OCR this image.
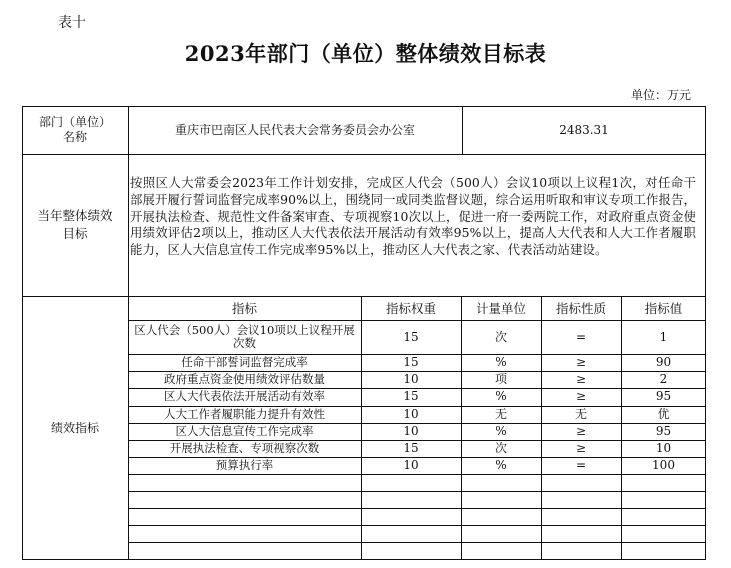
表十
2023年部门（单位）整体绩效目标表
单位：万元
部门（单位）
名称
重庆市巴南区人民代表大会常务委员会办公室	2483.31
当年整体绩效
目标
按照区人大常委会2023年工作计划安排，完成区人代会（500人）会议10项以上议程1次，对任命干部展开履行誓词监督完成率90%以上，围绕同一或同类监督议题，综合运用听取和审议专项工作报告，开展执法检查、规范性文件备案审查、专项视察10次以上，促进一府一委两院工作，对政府重点资金使用绩效评估2项以上，推动区人大代表依法开展活动有效率95%以上，提高人大代表和人大工作者履职能力，区人大信息宣传工作完成率95%以上，推动区人大代表之家、代表活动站建设。
绩效指标
指标	指标权重	计量单位	指标性质	指标值
区人代会（500人）会议10项以上议程开展次数	15	次	=	1
任命干部誓词监督完成率	15	%	≥	90
政府重点资金使用绩效评估数量	10	项	≥	2
区人大代表依法开展活动有效率	15	%	≥	95
人大工作者履职能力提升有效性	10	无	无	优
区人大信息宣传工作完成率	10	%	≥	95
开展执法检查、专项视察次数	15	次	≥	10
预算执行率	10	%	=	100
